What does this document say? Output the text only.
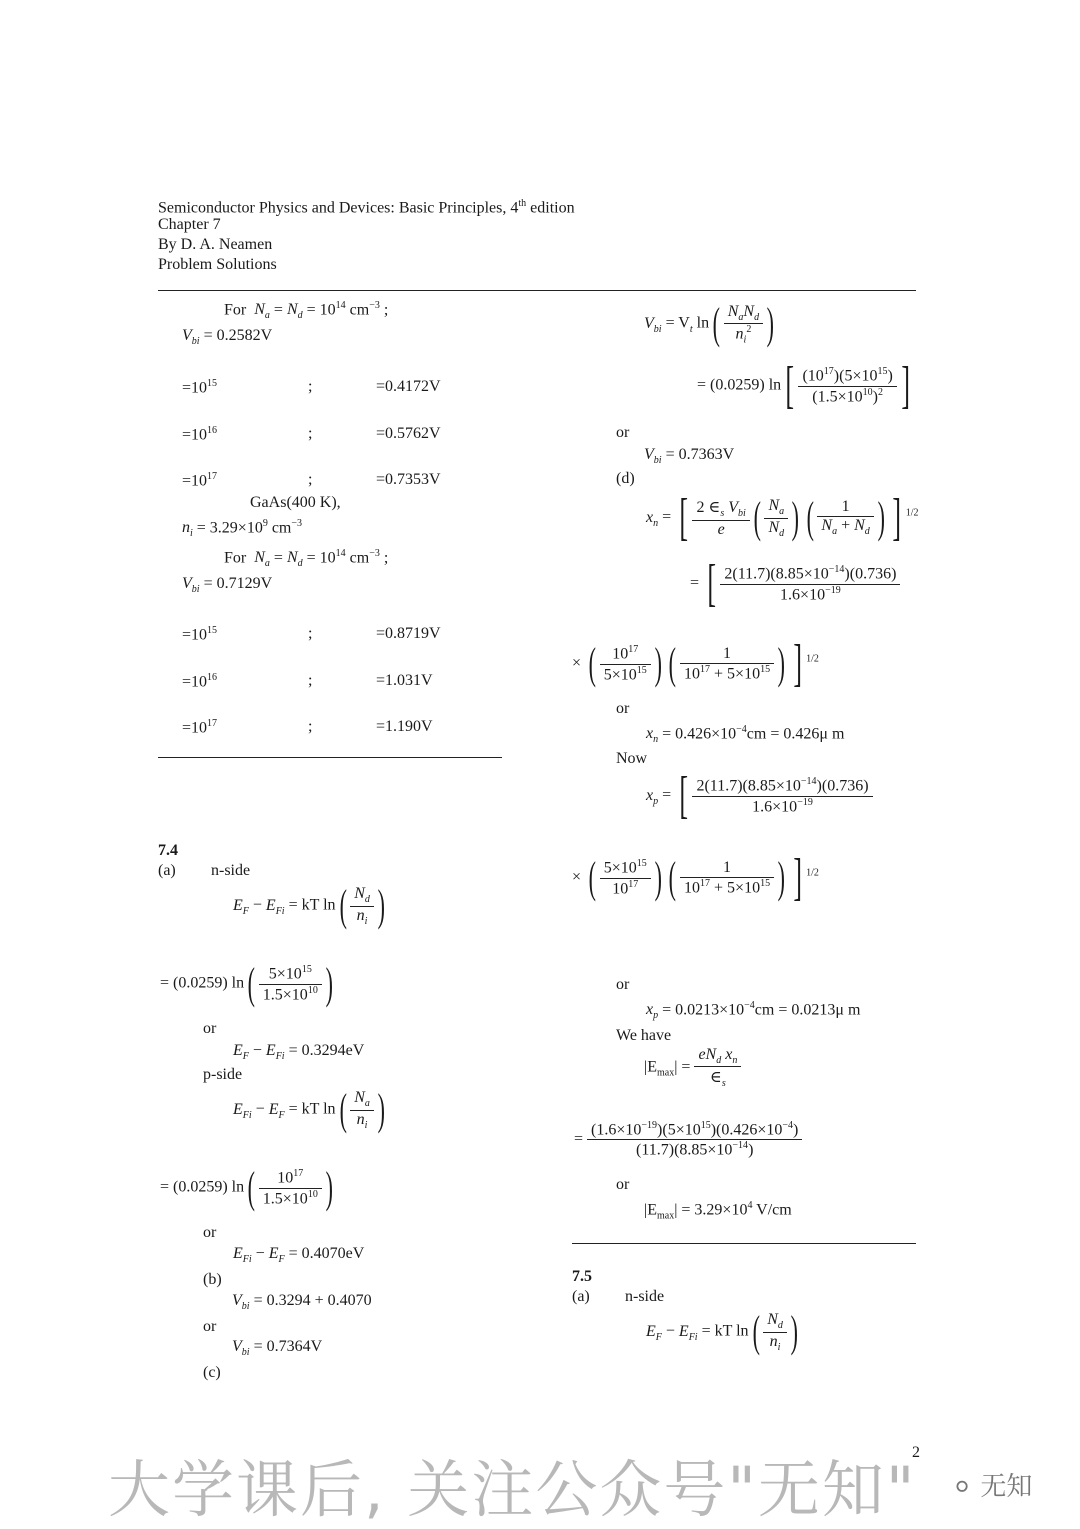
Semiconductor Physics and Devices: Basic Principles, 4th edition
Chapter 7
By D. A. Neamen
Problem Solutions
For $N_a = N_d = 10^{14}$ $cm^{-3}$ ;
$V_{bi} = 0.2582V$
$=10^{15}$	;	=0.4172V
$=10^{16}$	;	=0.5762V
$=10^{17}$	;	=0.7353V
GaAs(400 K),
$n_i = 3.29\times 10^9$ $cm^{-3}$
For $N_a = N_d = 10^{14}$ $cm^{-3}$ ;
$V_{bi} = 0.7129V$
$=10^{15}$	;	=0.8719V
$=10^{16}$	;	=1.031V
$=10^{17}$	;	=1.190V
7.4
(a) n-side
$E_F - E_{Fi}$ = kT $\ln( \frac{N_d}{n_i}$ )
= (0.0259) $\ln( \frac{5\times 10^{15}}{1.5\times 10^{10}}$ )
or
$E_F - E_{Fi} = 0.3294eV$
p-side
$E_{Fi} - E_F$ = kT $\ln( \frac{N_a}{n_i}$ )
= (0.0259) $\ln( \frac{10^{17}}{1.5\times 10^{10}}$ )
or
$E_{Fi} - E_F = 0.4070eV$
(b)
$V_{bi} = 0.3294 + 0.4070$
or
$V_{bi} = 0.7364V$
(c)
$V_{bi} = V_t$ $\ln( \frac{N_aN_d}{n_i^2}$ )
= (0.0259) $\ln[ \frac{(10^{17})(5\times 10^{15})}{(1.5\times 10^{10})^2}$ ]
or
$V_{bi} = 0.7363V$
(d)
$x_n$ = [ $\frac{2 \in_s V_{bi}}{e}$ ( $\frac{N_a}{N_d}$ ) ( $\frac{1}{N_a + N_d}$ ) ] $^{1/2}$
= [ $\frac{2(11.7)(8.85\times 10^{-14})(0.736)}{1.6\times 10^{-19}}$
× ( $\frac{10^{17}}{5\times 10^{15}}$ ) ( $\frac{1}{10^{17} + 5\times 10^{15}}$ ) ] $^{1/2}$
or
$x_n = 0.426\times 10^{-4}cm = 0.426\mu$ m
Now
$x_p$ = [ $\frac{2(11.7)(8.85\times 10^{-14})(0.736)}{1.6\times 10^{-19}}$
× ( $\frac{5\times 10^{15}}{10^{17}}$ ) ( $\frac{1}{10^{17} + 5\times 10^{15}}$ ) ] $^{1/2}$
or
$x_p = 0.0213\times 10^{-4}cm = 0.0213\mu$ m
We have
$|E_{max}| = \frac{eN_d x_n}{\in_s}$
= $\frac{(1.6\times 10^{-19})(5\times 10^{15})(0.426\times 10^{-4})}{(11.7)(8.85\times 10^{-14})}$
or
$|E_{max}| = 3.29\times 10^4$ V/cm
7.5
(a) n-side
$E_F - E_{Fi}$ = kT $\ln( \frac{N_d}{n_i}$ )
2
大学课后, 关注公众号"无知" ⚪ 无知
